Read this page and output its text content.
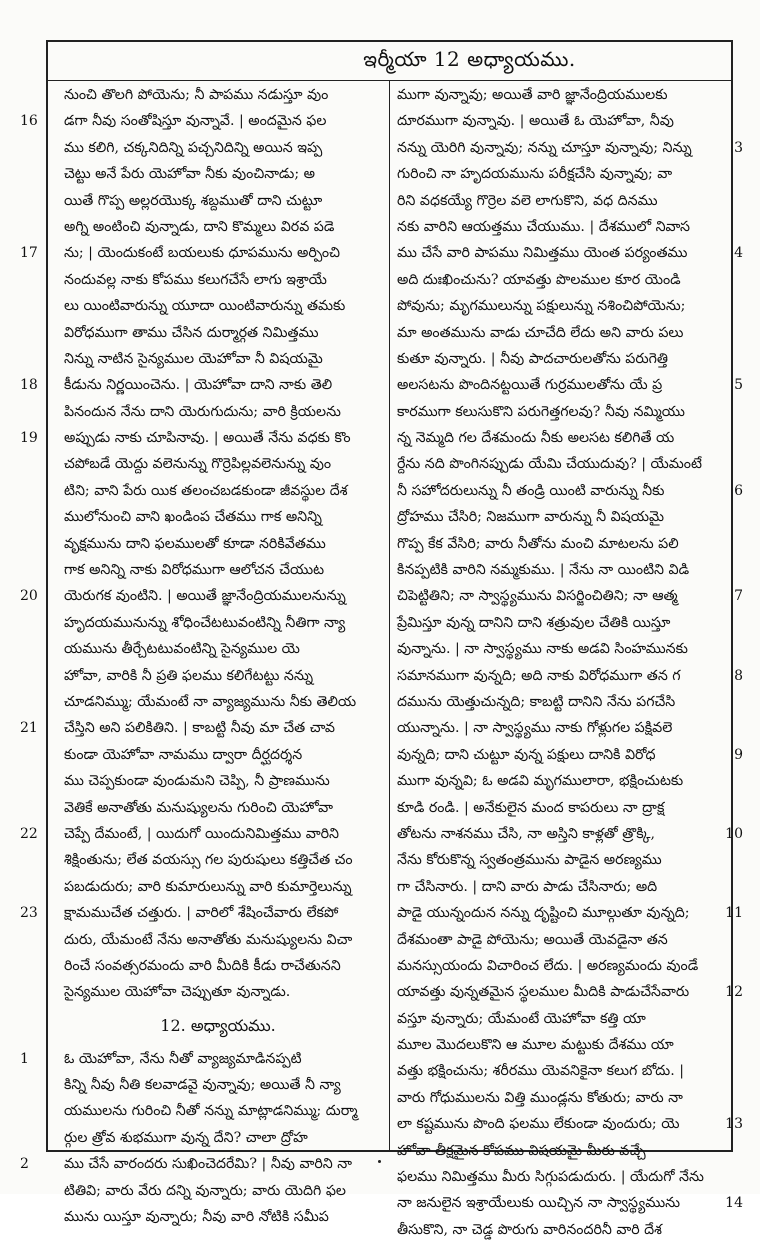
ఇర్మీయా 12 అధ్యాయము.
నుంచి తొలగి పోయెను; నీ పాపము నడుస్తూ వుం
16 డగా నీవు సంతోషిస్తూ వున్నావే. | అందమైన ఫల
ము కలిగి, చక్కనిదిన్ని పచ్చనిదిన్ని అయిన ఇప్ప
చెట్టు అనే పేరు యెహోవా నీకు వుంచినాడు; అ
యితే గొప్ప అల్లరయొక్క శబ్దముతో దాని చుట్టూ
అగ్ని అంటించి వున్నాడు, దాని కొమ్మలు విరవ పడె
17 ను; | యెందుకంటే బయలుకు ధూపమును అర్పించి
నందువల్ల నాకు కోపము కలుగచేసే లాగు ఇశ్రాయే
లు యింటివారున్ను యూదా యింటివారున్ను తమకు
విరోధముగా తాము చేసిన దుర్మార్గత నిమిత్తము
నిన్ను నాటిన సైన్యముల యెహోవా నీ విషయమై
18 కీడును నిర్ణయించెను. | యెహోవా దాని నాకు తెలి
పినందున నేను దాని యెరుగుదును; వారి క్రియలను
19 అప్పుడు నాకు చూపినావు. | అయితే నేను వధకు కొం
చపోబడే యెద్దు వలెనున్ను గొర్రెపిల్లవలెనున్ను వుం
టిని; వాని పేరు యిక తలంచబడకుండా జీవస్థుల దేశ
ములోనుంచి వాని ఖండింప చేతము గాక అనిన్ని
వృక్షమును దాని ఫలములతో కూడా నరికివేతము
గాక అనిన్ని నాకు విరోధముగా ఆలోచన చేయుట
20 యెరుగక వుంటిని. | అయితే జ్ఞానేంద్రియములనున్ను
హృదయమునున్ను శోధించేటటువంటిన్ని నీతిగా న్యా
యమును తీర్చేటటువంటిన్ని సైన్యముల యె
హోవా, వారికి నీ ప్రతి ఫలము కలిగేటట్టు నన్ను
చూడనిమ్ము; యేమంటే నా వ్యాజ్యమును నీకు తెలియ
21 చేస్తిని అని పలికితిని. | కాబట్టి నీవు మా చేత చావ
కుండా యెహోవా నామము ద్వారా దీర్ఘదర్శన
ము చెప్పకుండా వుండుమని చెప్పి, నీ ప్రాణమును
వెతికే అనాతోతు మనుష్యులను గురించి యెహోవా
22 చెప్పే దేమంటే, | యిదుగో యిందునిమిత్తము వారిని
శిక్షింతును; లేత వయస్సు గల పురుషులు కత్తిచేత చం
పబడుదురు; వారి కుమారులున్ను వారి కుమార్తెలున్ను
23 క్షామముచేత చత్తురు. | వారిలో శేషించేవారు లేకపో
దురు, యేమంటే నేను అనాతోతు మనుష్యులను విచా
రించే సంవత్సరమందు వారి మీదికి కీడు రాచేతునని
సైన్యముల యెహోవా చెప్పుతూ వున్నాడు.
12. అధ్యాయము.
1 ఓ యెహోవా, నేను నీతో వ్యాజ్యమాడినప్పటి
కిన్ని నీవు నీతి కలవాడవై వున్నావు; అయితే నీ న్యా
యములను గురించి నీతో నన్ను మాట్లాడనిమ్ము; దుర్మా
ర్గుల త్రోవ శుభముగా వున్న దేని? చాలా ద్రోహ
2 ము చేసే వారందరు సుఖించెదరేమి? | నీవు వారిని నా
టితివి; వారు వేరు దన్ని వున్నారు; వారు యెదిగి ఫల
మును యిస్తూ వున్నారు; నీవు వారి నోటికి సమీప
ముగా వున్నావు; అయితే వారి జ్ఞానేంద్రియములకు
దూరముగా వున్నావు. | అయితే ఓ యెహోవా, నీవు
3
నన్ను యెరిగి వున్నావు; నన్ను చూస్తూ వున్నావు; నిన్ను
గురించి నా హృదయమును పరీక్షచేసి వున్నావు; వా
రిని వధకయ్యే గొర్రెల వలె లాగుకొని, వధ దినము
నకు వారిని ఆయత్తము చేయుము. | దేశములో నివాస
4
ము చేసే వారి పాపము నిమిత్తము యెంత పర్యంతము
అది దుఃఖించును? యావత్తు పొలముల కూర యెండి
పోవును; మృగములున్ను పక్షులున్ను నశించిపోయెను;
మా అంతమును వాడు చూచేది లేదు అని వారు పలు
కుతూ వున్నారు. | నీవు పాదచారులతోను పరుగెత్తి
5
అలసటను పొందినట్టయితే గుర్రములతోను యే ప్ర
కారముగా కలుసుకొని పరుగెత్తగలవు? నీవు నమ్మియు
న్న నెమ్మది గల దేశమందు నీకు అలసట కలిగితే య
ర్దేను నది పొంగినప్పుడు యేమి చేయుదువు? | యేమంటే
6
నీ సహోదరులున్ను నీ తండ్రి యింటి వారున్ను నీకు
ద్రోహము చేసిరి; నిజముగా వారున్ను నీ విషయమై
గొప్ప కేక వేసిరి; వారు నీతోను మంచి మాటలను పలి
కినప్పటికి వారిని నమ్మకుము. | నేను నా యింటిని విడి
7
చిపెట్టితిని; నా స్వాస్థ్యమును విసర్జించితిని; నా ఆత్మ
ప్రేమిస్తూ వున్న దానిని దాని శత్రువుల చేతికి యిస్తూ
వున్నాను. | నా స్వాస్థ్యము నాకు అడవి సింహమునకు
8
సమానముగా వున్నది; అది నాకు విరోధముగా తన గ
దమును యెత్తుచున్నది; కాబట్టి దానిని నేను పగచేసి
యున్నాను. | నా స్వాస్థ్యము నాకు గోళ్లుగల పక్షివలె
9
వున్నది; దాని చుట్టూ వున్న పక్షులు దానికి విరోధ
ముగా వున్నవి; ఓ అడవి మృగములారా, భక్షించుటకు
కూడి రండి. | అనేకులైన మంద కాపరులు నా ద్రాక్ష
10
తోటను నాశనము చేసి, నా అస్తిని కాళ్లతో త్రొక్కి,
నేను కోరుకొన్న స్వతంత్రమును పాడైన అరణ్యము
గా చేసినారు. | దాని వారు పాడు చేసినారు; అది
11
పాడై యున్నందున నన్ను దృష్టించి మూల్గుతూ వున్నది;
దేశమంతా పాడై పోయెను; అయితే యెవడైనా తన
మనస్సుయందు విచారించ లేదు. | అరణ్యమందు వుండే
12
యావత్తు వున్నతమైన స్థలముల మీదికి పాడుచేసేవారు
వస్తూ వున్నారు; యేమంటే యెహోవా కత్తి యా
మూల మొదలుకొని ఆ మూల మట్టుకు దేశము యా
వత్తు భక్షించును; శరీరము యెవనికైనా కలుగ బోదు. |
వారు గోధుములను విత్తి ముండ్లను కోతురు; వారు నా
13
లా కష్టమును పొంది ఫలము లేకుండా వుందురు; యె
హోవా తీక్షమైన కోపము విషయమై మీరు వచ్చే
ఫలము నిమిత్తము మీరు సిగ్గుపడుదురు. | యేదుగో నేను
14
నా జనులైన ఇశ్రాయేలుకు యిచ్చిన నా స్వాస్థ్యమును
తీసుకొని, నా చెడ్డ పొరుగు వారినందరినీ వారి దేశ
